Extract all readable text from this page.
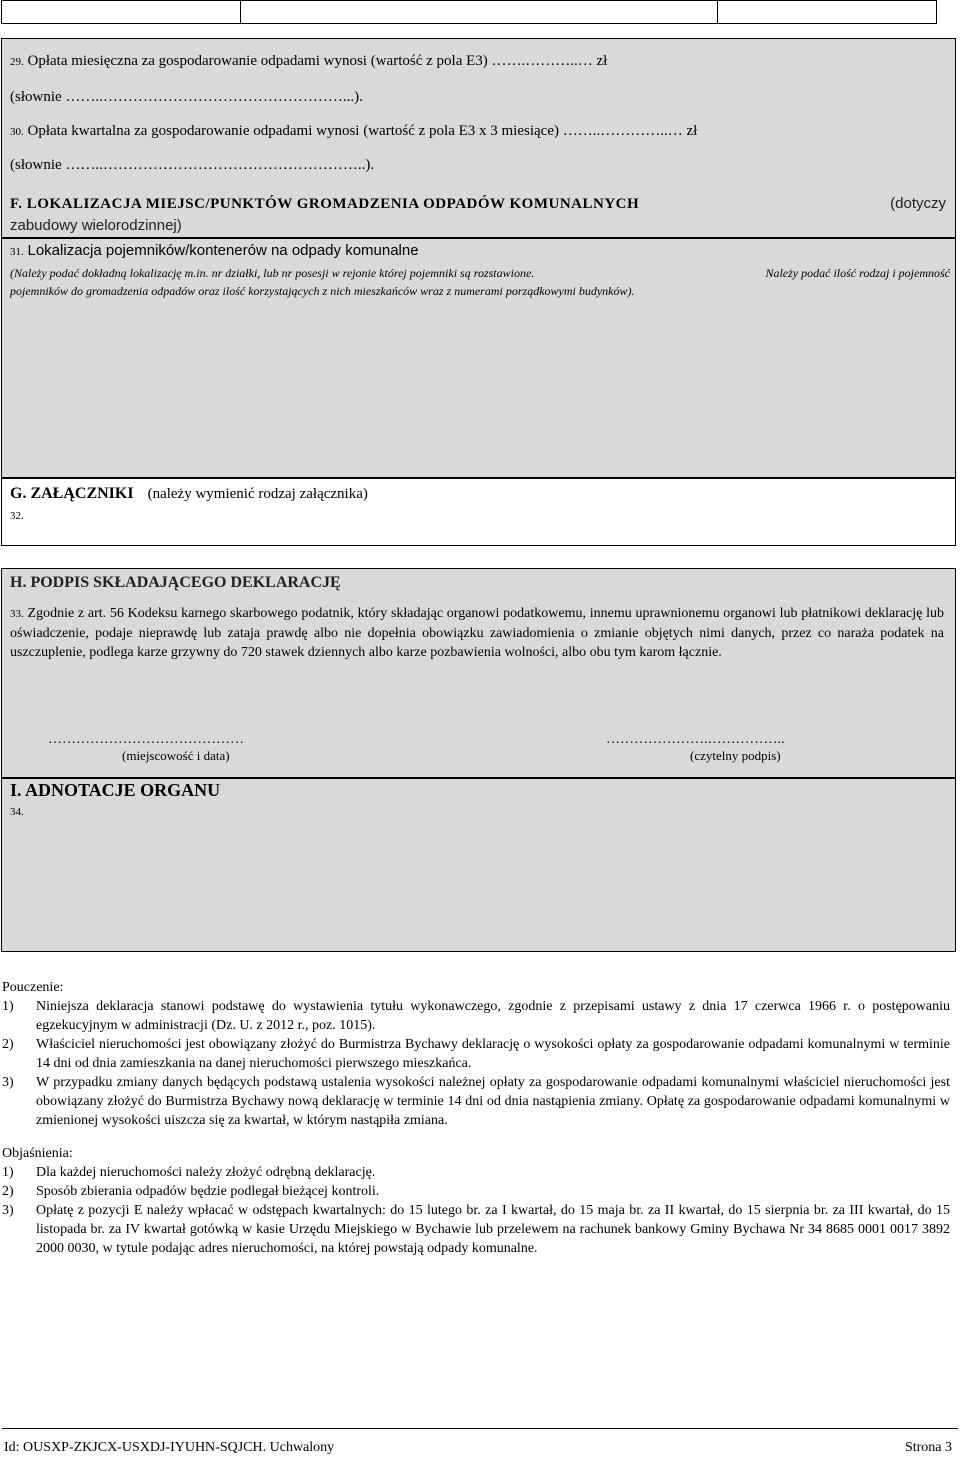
29. Opłata miesięczna za gospodarowanie odpadami wynosi (wartość z pola E3) …….………..… zł
(słownie ……..…………………………………………...).
30. Opłata kwartalna za gospodarowanie odpadami wynosi (wartość z pola E3 x 3 miesiące) ……..…………..… zł
(słownie ……..……………………………………………..).
F. LOKALIZACJA MIEJSC/PUNKTÓW GROMADZENIA ODPADÓW KOMUNALNYCH	(dotyczy
zabudowy wielorodzinnej)
31. Lokalizacja pojemników/kontenerów na odpady komunalne
(Należy podać dokładną lokalizację m.in. nr działki, lub nr posesji w rejonie której pojemniki są rozstawione.	Należy podać ilość rodzaj i pojemność
pojemników do gromadzenia odpadów oraz ilość korzystających z nich mieszkańców wraz z numerami porządkowymi budynków).
G. ZAŁĄCZNIKI (należy wymienić rodzaj załącznika)
32.
H. PODPIS SKŁADAJĄCEGO DEKLARACJĘ
33. Zgodnie z art. 56 Kodeksu karnego skarbowego podatnik, który składając organowi podatkowemu, innemu uprawnionemu organowi lub płatnikowi deklarację lub oświadczenie, podaje nieprawdę lub zataja prawdę albo nie dopełnia obowiązku zawiadomienia o zmianie objętych nimi danych, przez co naraża podatek na uszczuplenie, podlega karze grzywny do 720 stawek dziennych albo karze pozbawienia wolności, albo obu tym karom łącznie.
……………………………………
(miejscowość i data)
………………….……………..
(czytelny podpis)
I. ADNOTACJE ORGANU
34.
Pouczenie:
1)	Niniejsza deklaracja stanowi podstawę do wystawienia tytułu wykonawczego, zgodnie z przepisami ustawy z dnia 17 czerwca 1966 r. o postępowaniu egzekucyjnym w administracji (Dz. U. z 2012 r., poz. 1015).
2)	Właściciel nieruchomości jest obowiązany złożyć do Burmistrza Bychawy deklarację o wysokości opłaty za gospodarowanie odpadami komunalnymi w terminie 14 dni od dnia zamieszkania na danej nieruchomości pierwszego mieszkańca.
3)	W przypadku zmiany danych będących podstawą ustalenia wysokości należnej opłaty za gospodarowanie odpadami komunalnymi właściciel nieruchomości jest obowiązany złożyć do Burmistrza Bychawy nową deklarację w terminie 14 dni od dnia nastąpienia zmiany. Opłatę za gospodarowanie odpadami komunalnymi w zmienionej wysokości uiszcza się za kwartał, w którym nastąpiła zmiana.
Objaśnienia:
1)	Dla każdej nieruchomości należy złożyć odrębną deklarację.
2)	Sposób zbierania odpadów będzie podlegał bieżącej kontroli.
3)	Opłatę z pozycji E należy wpłacać w odstępach kwartalnych: do 15 lutego br. za I kwartał, do 15 maja br. za II kwartał, do 15 sierpnia br. za III kwartał, do 15 listopada br. za IV kwartał gotówką w kasie Urzędu Miejskiego w Bychawie lub przelewem na rachunek bankowy Gminy Bychawa Nr 34 8685 0001 0017 3892 2000 0030, w tytule podając adres nieruchomości, na której powstają odpady komunalne.
Id: OUSXP-ZKJCX-USXDJ-IYUHN-SQJCH. Uchwalony	Strona 3
